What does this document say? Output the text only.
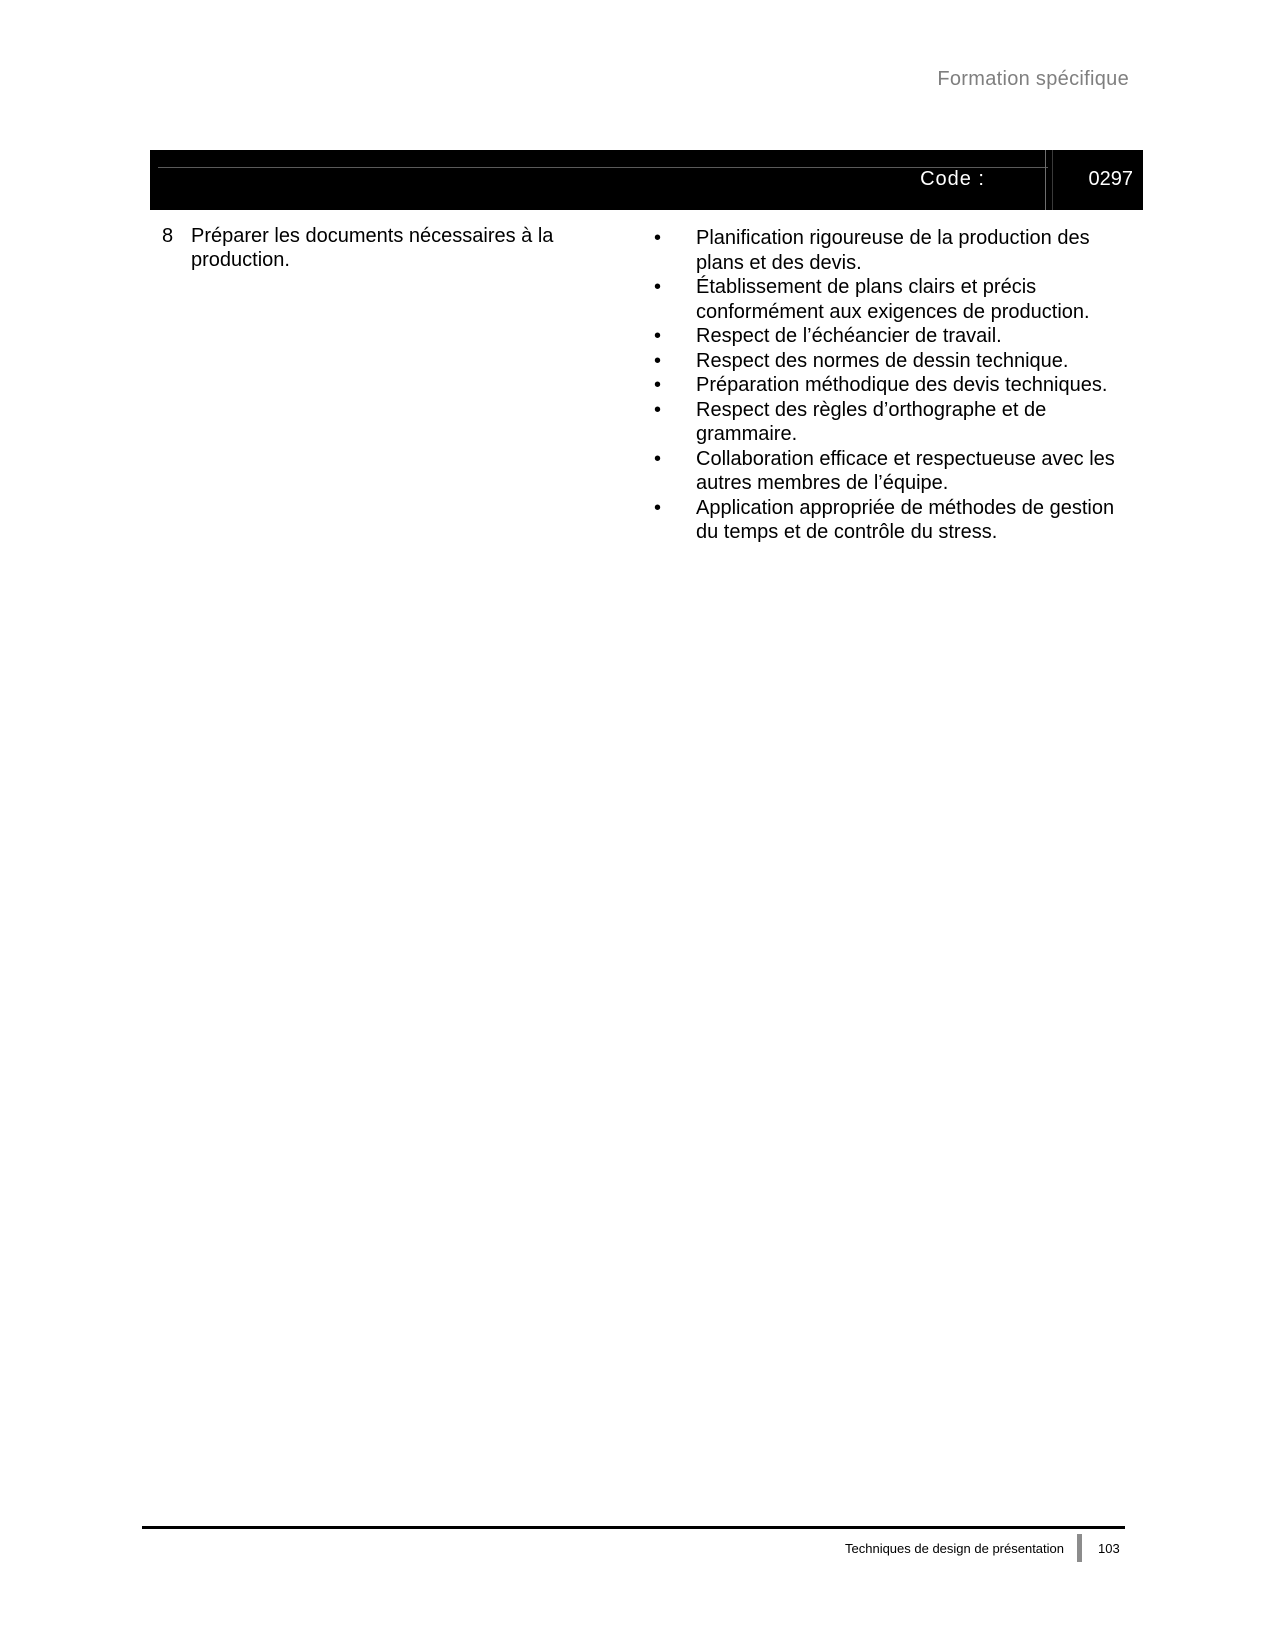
Formation spécifique
Code :	0297
8 Préparer les documents nécessaires à la production.
• Planification rigoureuse de la production des plans et des devis.
• Établissement de plans clairs et précis conformément aux exigences de production.
• Respect de l’échéancier de travail.
• Respect des normes de dessin technique.
• Préparation méthodique des devis techniques.
• Respect des règles d’orthographe et de grammaire.
• Collaboration efficace et respectueuse avec les autres membres de l’équipe.
• Application appropriée de méthodes de gestion du temps et de contrôle du stress.
Techniques de design de présentation	103
